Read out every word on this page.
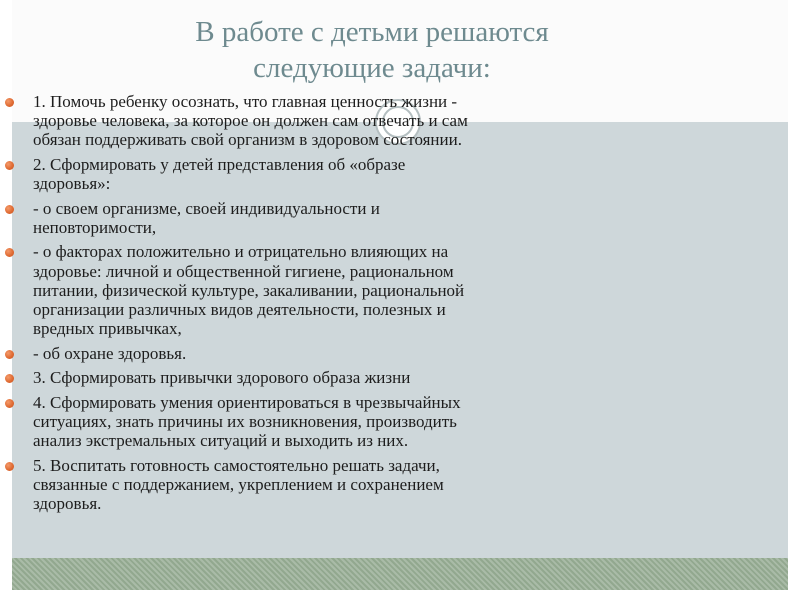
В работе с детьми решаются
следующие задачи:
1. Помочь ребенку осознать, что главная ценность жизни -
здоровье человека, за которое он должен сам отвечать и сам
обязан поддерживать свой организм в здоровом состоянии.
2. Сформировать у детей представления об «образе
здоровья»:
- о своем организме, своей индивидуальности и
неповторимости,
- о факторах положительно и отрицательно влияющих на
здоровье: личной и общественной гигиене, рациональном
питании, физической культуре, закаливании, рациональной
организации различных видов деятельности, полезных и
вредных привычках,
- об охране здоровья.
3. Сформировать привычки здорового образа жизни
4. Сформировать умения ориентироваться в чрезвычайных
ситуациях, знать причины их возникновения, производить
анализ экстремальных ситуаций и выходить из них.
5. Воспитать готовность самостоятельно решать задачи,
связанные с поддержанием, укреплением и сохранением
здоровья.
